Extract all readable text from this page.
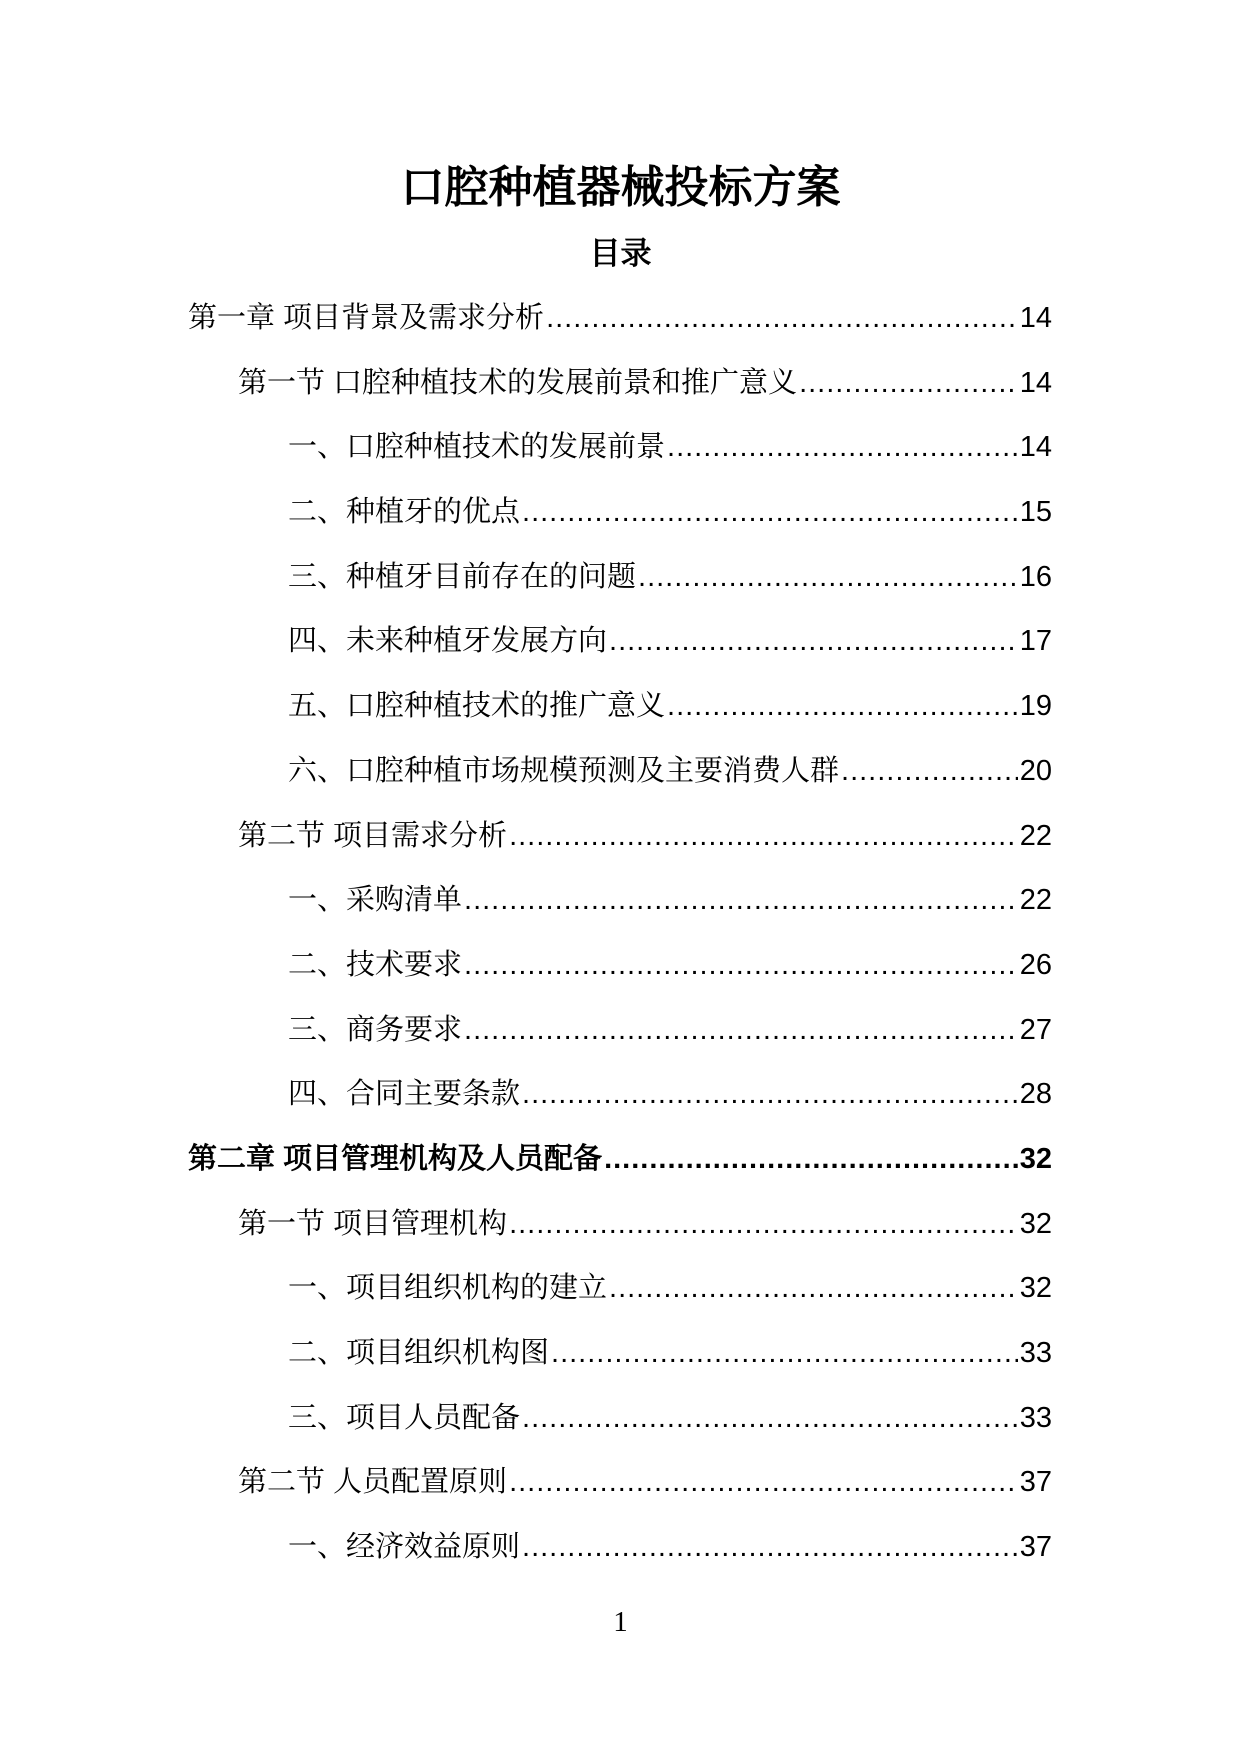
口腔种植器械投标方案
目录
第一章 项目背景及需求分析 .....	14
第一节 口腔种植技术的发展前景和推广意义 .....	14
一、口腔种植技术的发展前景 .....	14
二、种植牙的优点 .....	15
三、种植牙目前存在的问题 .....	16
四、未来种植牙发展方向 .....	17
五、口腔种植技术的推广意义 .....	19
六、口腔种植市场规模预测及主要消费人群 .....	20
第二节 项目需求分析 .....	22
一、采购清单 .....	22
二、技术要求 .....	26
三、商务要求 .....	27
四、合同主要条款 .....	28
第二章 项目管理机构及人员配备 .....	32
第一节 项目管理机构 .....	32
一、项目组织机构的建立 .....	32
二、项目组织机构图 .....	33
三、项目人员配备 .....	33
第二节 人员配置原则 .....	37
一、经济效益原则 .....	37
1
